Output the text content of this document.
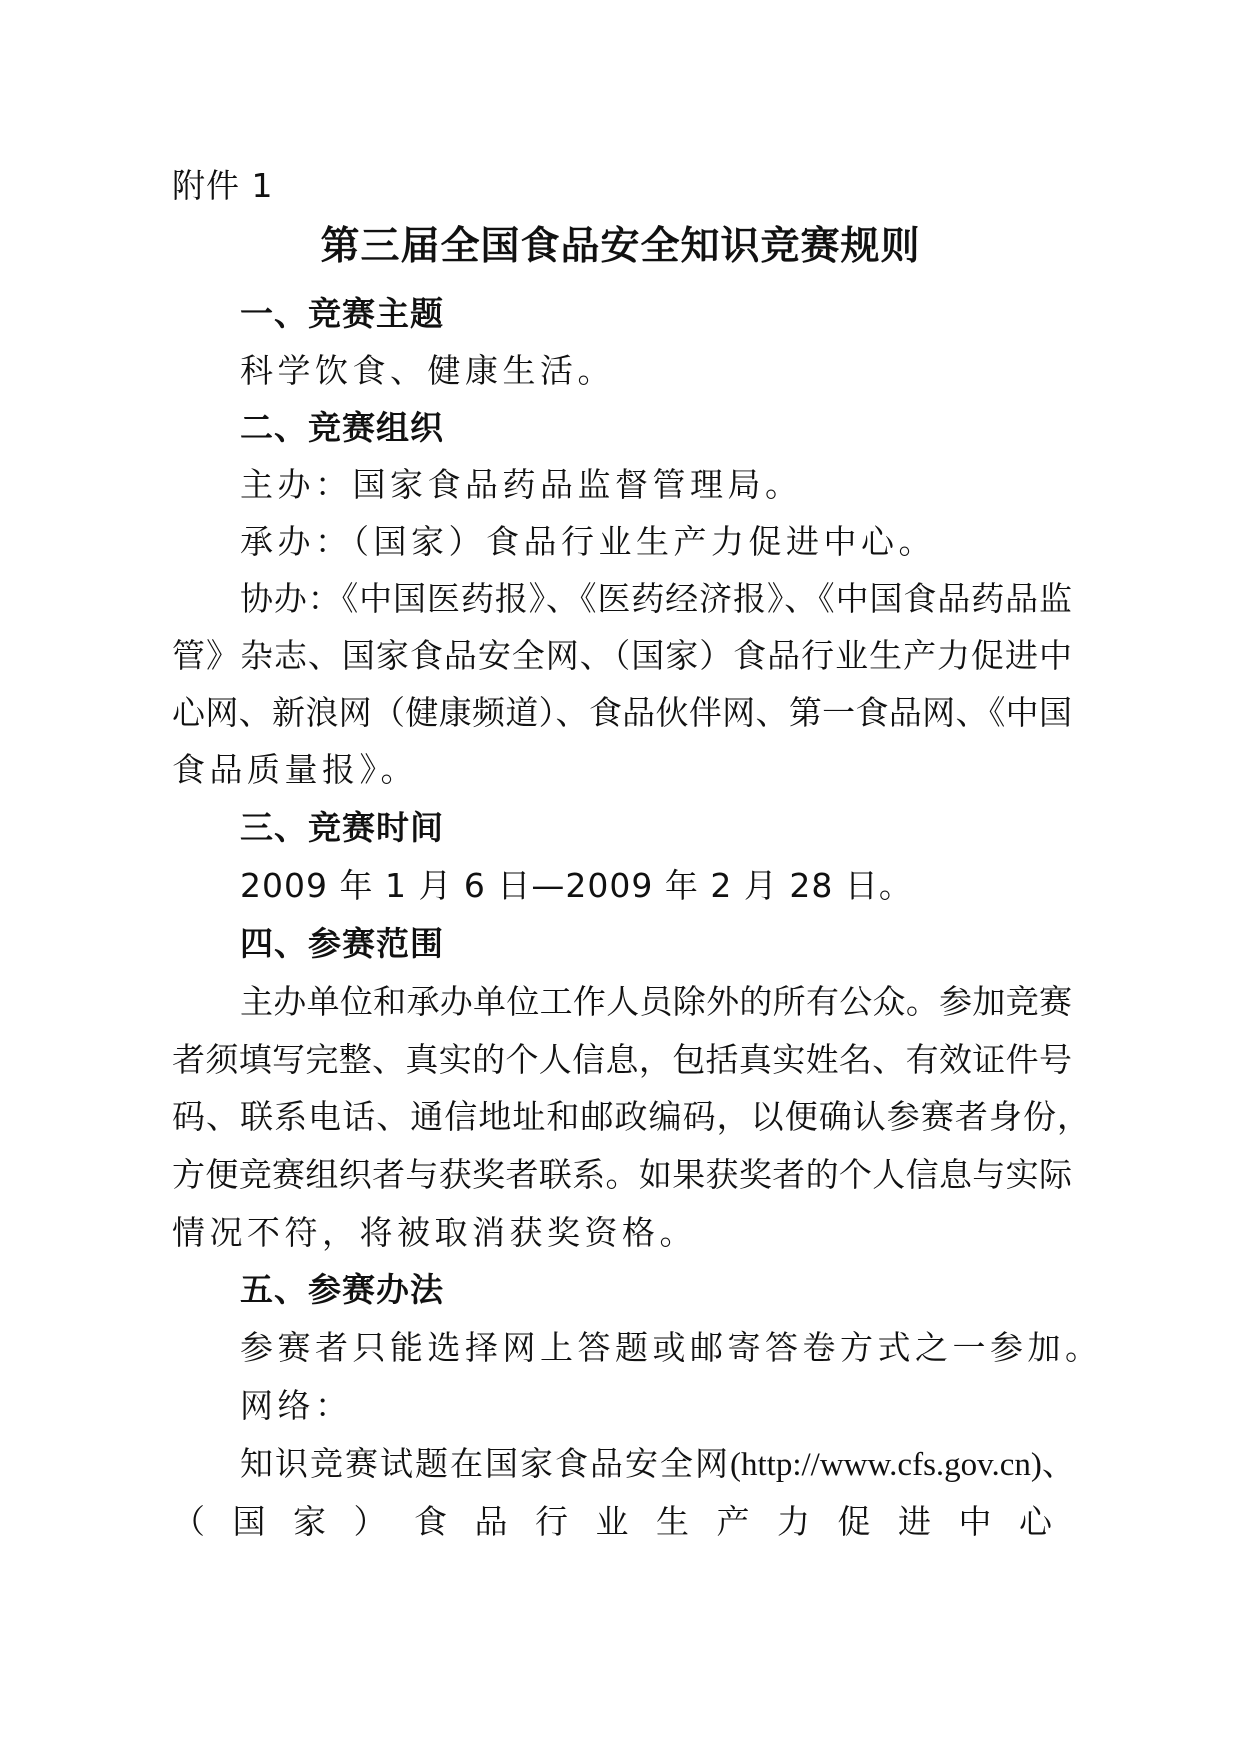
附件 1
第三届全国食品安全知识竞赛规则
一、竞赛主题
科学饮食、健康生活。
二、竞赛组织
主办：国家食品药品监督管理局。
承办：（国家）食品行业生产力促进中心。
协办：《中国医药报》、《医药经济报》、《中国食品药品监
管》杂志、国家食品安全网、（国家）食品行业生产力促进中
心网、新浪网（健康频道）、食品伙伴网、第一食品网、《中国
食品质量报》。
三、竞赛时间
2009 年 1 月 6 日—2009 年 2 月 28 日。
四、参赛范围
主办单位和承办单位工作人员除外的所有公众。参加竞赛
者须填写完整、真实的个人信息，包括真实姓名、有效证件号
码、联系电话、通信地址和邮政编码，以便确认参赛者身份，
方便竞赛组织者与获奖者联系。如果获奖者的个人信息与实际
情况不符，将被取消获奖资格。
五、参赛办法
参赛者只能选择网上答题或邮寄答卷方式之一参加。
网络：
知识竞赛试题在国家食品安全网(http://www.cfs.gov.cn)、
（ 国 家 ） 食 品 行 业 生 产 力 促 进 中 心
